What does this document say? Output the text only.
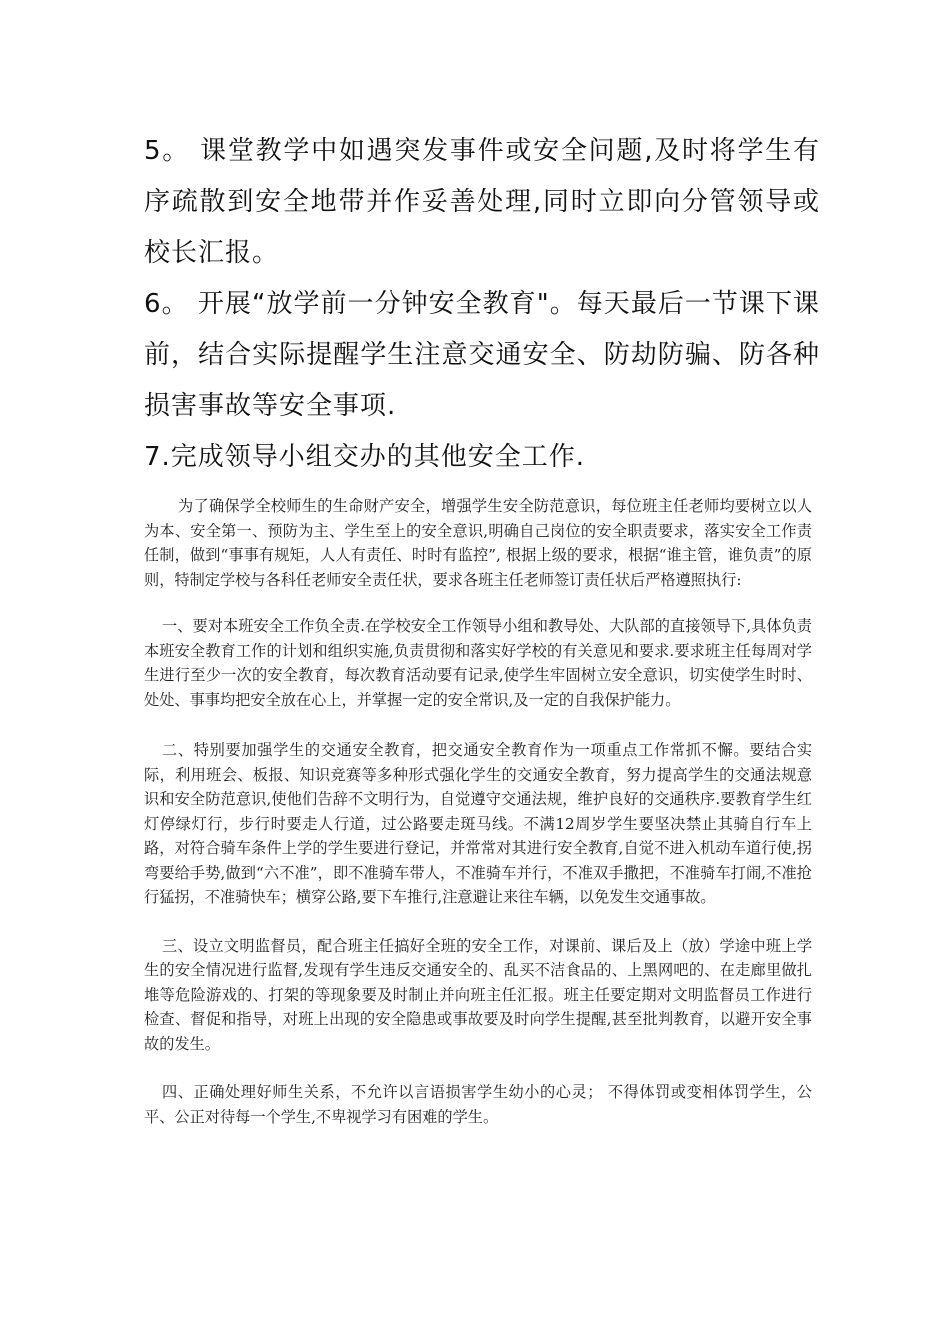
5。 课堂教学中如遇突发事件或安全问题,及时将学生有序疏散到安全地带并作妥善处理,同时立即向分管领导或校长汇报。

6。 开展“放学前一分钟安全教育"。每天最后一节课下课前，结合实际提醒学生注意交通安全、防劫防骗、防各种损害事故等安全事项.

7.完成领导小组交办的其他安全工作.

为了确保学全校师生的生命财产安全，增强学生安全防范意识，每位班主任老师均要树立以人为本、安全第一、预防为主、学生至上的安全意识,明确自己岗位的安全职责要求，落实安全工作责任制，做到“事事有规矩，人人有责任、时时有监控”, 根据上级的要求，根据“谁主管，谁负责”的原则，特制定学校与各科任老师安全责任状，要求各班主任老师签订责任状后严格遵照执行:

一、要对本班安全工作负全责.在学校安全工作领导小组和教导处、大队部的直接领导下,具体负责本班安全教育工作的计划和组织实施,负责贯彻和落实好学校的有关意见和要求.要求班主任每周对学生进行至少一次的安全教育，每次教育活动要有记录,使学生牢固树立安全意识，切实使学生时时、处处、事事均把安全放在心上，并掌握一定的安全常识,及一定的自我保护能力。

二、特别要加强学生的交通安全教育，把交通安全教育作为一项重点工作常抓不懈。要结合实际，利用班会、板报、知识竞赛等多种形式强化学生的交通安全教育，努力提高学生的交通法规意识和安全防范意识,使他们告辞不文明行为，自觉遵守交通法规，维护良好的交通秩序.要教育学生红灯停绿灯行，步行时要走人行道，过公路要走斑马线。不满12周岁学生要坚决禁止其骑自行车上路，对符合骑车条件上学的学生要进行登记，并常常对其进行安全教育,自觉不进入机动车道行使,拐弯要给手势,做到“六不准”，即不准骑车带人，不准骑车并行，不准双手撒把，不准骑车打闹,不准抢行猛拐，不准骑快车；横穿公路,要下车推行,注意避让来往车辆，以免发生交通事故。

三、设立文明监督员，配合班主任搞好全班的安全工作，对课前、课后及上（放）学途中班上学生的安全情况进行监督,发现有学生违反交通安全的、乱买不洁食品的、上黑网吧的、在走廊里做扎堆等危险游戏的、打架的等现象要及时制止并向班主任汇报。班主任要定期对文明监督员工作进行检查、督促和指导，对班上出现的安全隐患或事故要及时向学生提醒,甚至批判教育，以避开安全事故的发生。

四、正确处理好师生关系，不允许以言语损害学生幼小的心灵； 不得体罚或变相体罚学生，公平、公正对待每一个学生,不卑视学习有困难的学生。
